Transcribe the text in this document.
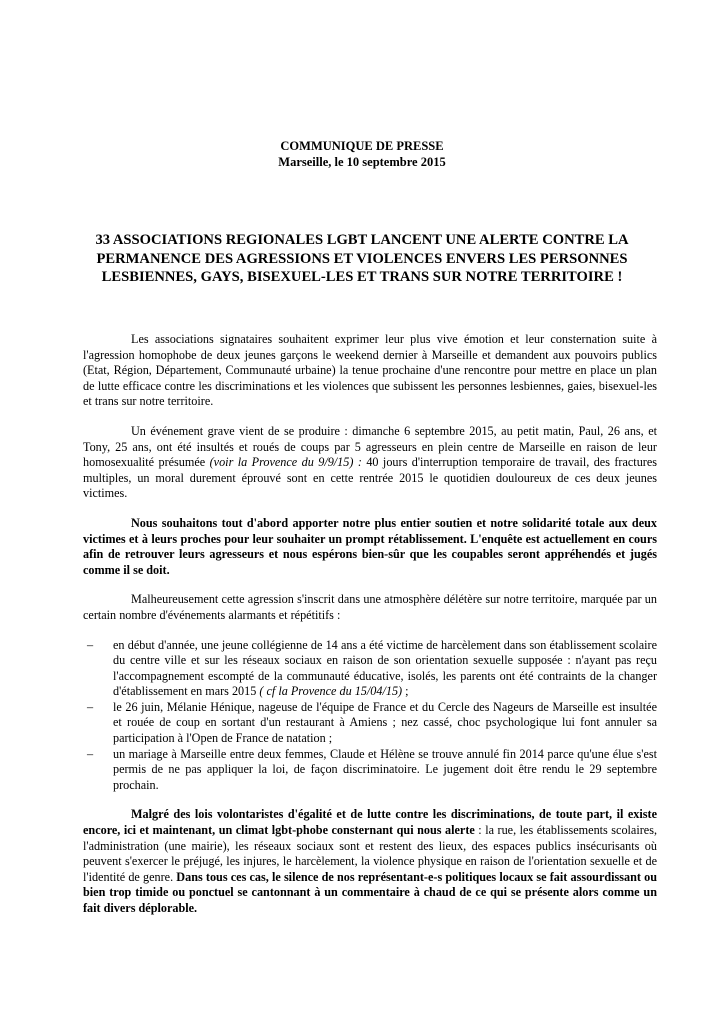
COMMUNIQUE DE PRESSE
Marseille, le 10 septembre 2015
33 ASSOCIATIONS REGIONALES LGBT LANCENT UNE ALERTE CONTRE LA PERMANENCE DES AGRESSIONS ET VIOLENCES ENVERS LES PERSONNES LESBIENNES, GAYS, BISEXUEL-LES ET TRANS SUR NOTRE TERRITOIRE !

Les associations signataires souhaitent exprimer leur plus vive émotion et leur consternation suite à l'agression homophobe de deux jeunes garçons le weekend dernier à Marseille et demandent aux pouvoirs publics (Etat, Région, Département, Communauté urbaine) la tenue prochaine d'une rencontre pour mettre en place un plan de lutte efficace contre les discriminations et les violences que subissent les personnes lesbiennes, gaies, bisexuel-les et trans sur notre territoire.

Un événement grave vient de se produire : dimanche 6 septembre 2015, au petit matin, Paul, 26 ans, et Tony, 25 ans, ont été insultés et roués de coups par 5 agresseurs en plein centre de Marseille en raison de leur homosexualité présumée (voir la Provence du 9/9/15) : 40 jours d'interruption temporaire de travail, des fractures multiples, un moral durement éprouvé sont en cette rentrée 2015 le quotidien douloureux de ces deux jeunes victimes.

Nous souhaitons tout d'abord apporter notre plus entier soutien et notre solidarité totale aux deux victimes et à leurs proches pour leur souhaiter un prompt rétablissement. L'enquête est actuellement en cours afin de retrouver leurs agresseurs et nous espérons bien-sûr que les coupables seront appréhendés et jugés comme il se doit.

Malheureusement cette agression s'inscrit dans une atmosphère délétère sur notre territoire, marquée par un certain nombre d'événements alarmants et répétitifs :

– en début d'année, une jeune collégienne de 14 ans a été victime de harcèlement dans son établissement scolaire du centre ville et sur les réseaux sociaux en raison de son orientation sexuelle supposée : n'ayant pas reçu l'accompagnement escompté de la communauté éducative, isolés, les parents ont été contraints de la changer d'établissement en mars 2015 ( cf la Provence du 15/04/15) ;
– le 26 juin, Mélanie Hénique, nageuse de l'équipe de France et du Cercle des Nageurs de Marseille est insultée et rouée de coup en sortant d'un restaurant à Amiens ; nez cassé, choc psychologique lui font annuler sa participation à l'Open de France de natation ;
– un mariage à Marseille entre deux femmes, Claude et Hélène se trouve annulé fin 2014 parce qu'une élue s'est permis de ne pas appliquer la loi, de façon discriminatoire. Le jugement doit être rendu le 29 septembre prochain.

Malgré des lois volontaristes d'égalité et de lutte contre les discriminations, de toute part, il existe encore, ici et maintenant, un climat lgbt-phobe consternant qui nous alerte : la rue, les établissements scolaires, l'administration (une mairie), les réseaux sociaux sont et restent des lieux, des espaces publics insécurisants où peuvent s'exercer le préjugé, les injures, le harcèlement, la violence physique en raison de l'orientation sexuelle et de l'identité de genre. Dans tous ces cas, le silence de nos représentant-e-s politiques locaux se fait assourdissant ou bien trop timide ou ponctuel se cantonnant à un commentaire à chaud de ce qui se présente alors comme un fait divers déplorable.
